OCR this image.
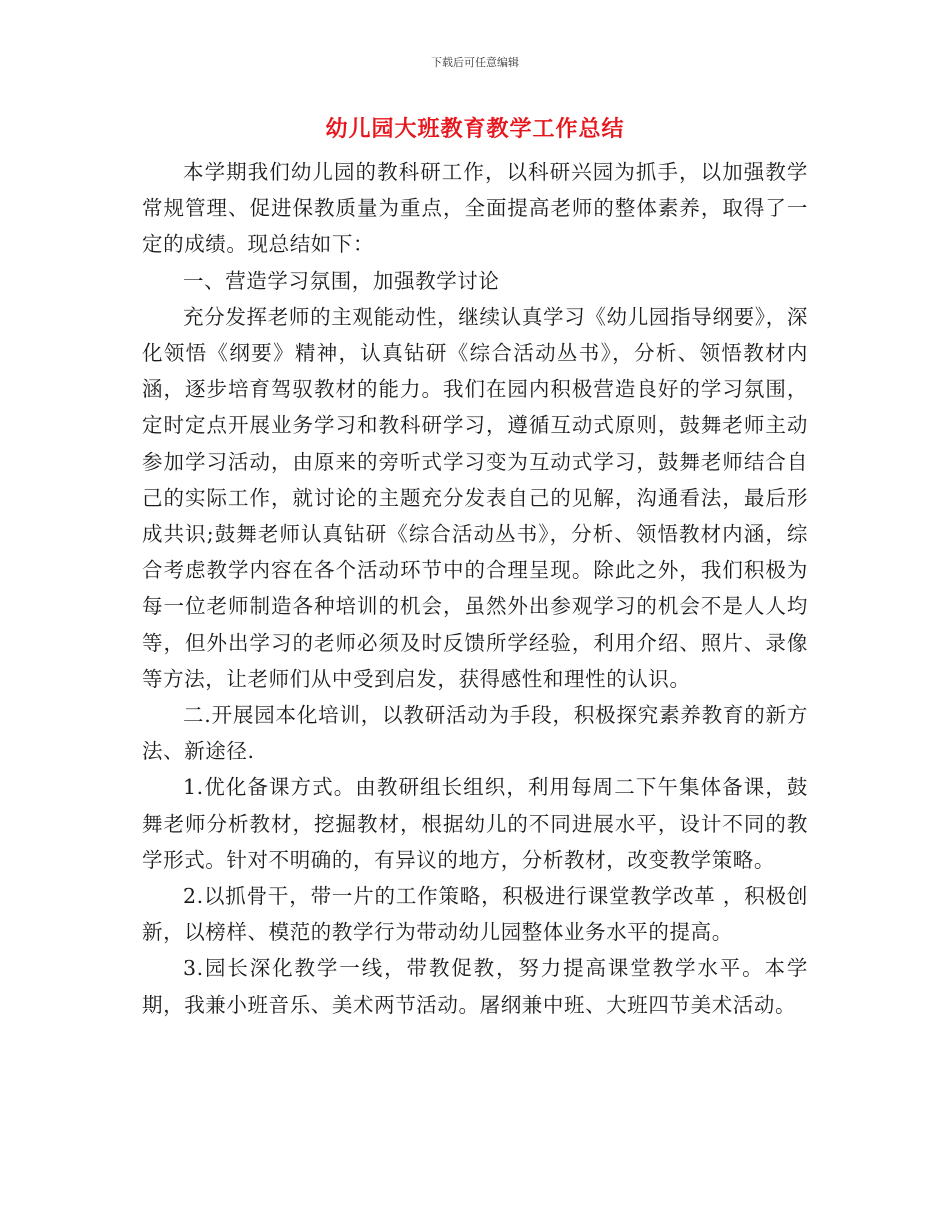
下载后可任意编辑
幼儿园大班教育教学工作总结

本学期我们幼儿园的教科研工作，以科研兴园为抓手，以加强教学常规管理、促进保教质量为重点，全面提高老师的整体素养，取得了一定的成绩。现总结如下：

一、营造学习氛围，加强教学讨论

充分发挥老师的主观能动性，继续认真学习《幼儿园指导纲要》，深化领悟《纲要》精神，认真钻研《综合活动丛书》，分析、领悟教材内涵，逐步培育驾驭教材的能力。我们在园内积极营造良好的学习氛围，定时定点开展业务学习和教科研学习，遵循互动式原则，鼓舞老师主动参加学习活动，由原来的旁听式学习变为互动式学习，鼓舞老师结合自己的实际工作，就讨论的主题充分发表自己的见解，沟通看法，最后形成共识;鼓舞老师认真钻研《综合活动丛书》，分析、领悟教材内涵，综合考虑教学内容在各个活动环节中的合理呈现。除此之外，我们积极为每一位老师制造各种培训的机会，虽然外出参观学习的机会不是人人均等，但外出学习的老师必须及时反馈所学经验，利用介绍、照片、录像等方法，让老师们从中受到启发，获得感性和理性的认识。

二.开展园本化培训，以教研活动为手段，积极探究素养教育的新方法、新途径.

1.优化备课方式。由教研组长组织，利用每周二下午集体备课，鼓舞老师分析教材，挖掘教材，根据幼儿的不同进展水平，设计不同的教学形式。针对不明确的，有异议的地方，分析教材，改变教学策略。

2.以抓骨干，带一片的工作策略，积极进行课堂教学改革 ，积极创新，以榜样、模范的教学行为带动幼儿园整体业务水平的提高。

3.园长深化教学一线，带教促教，努力提高课堂教学水平。本学期，我兼小班音乐、美术两节活动。屠纲兼中班、大班四节美术活动。
